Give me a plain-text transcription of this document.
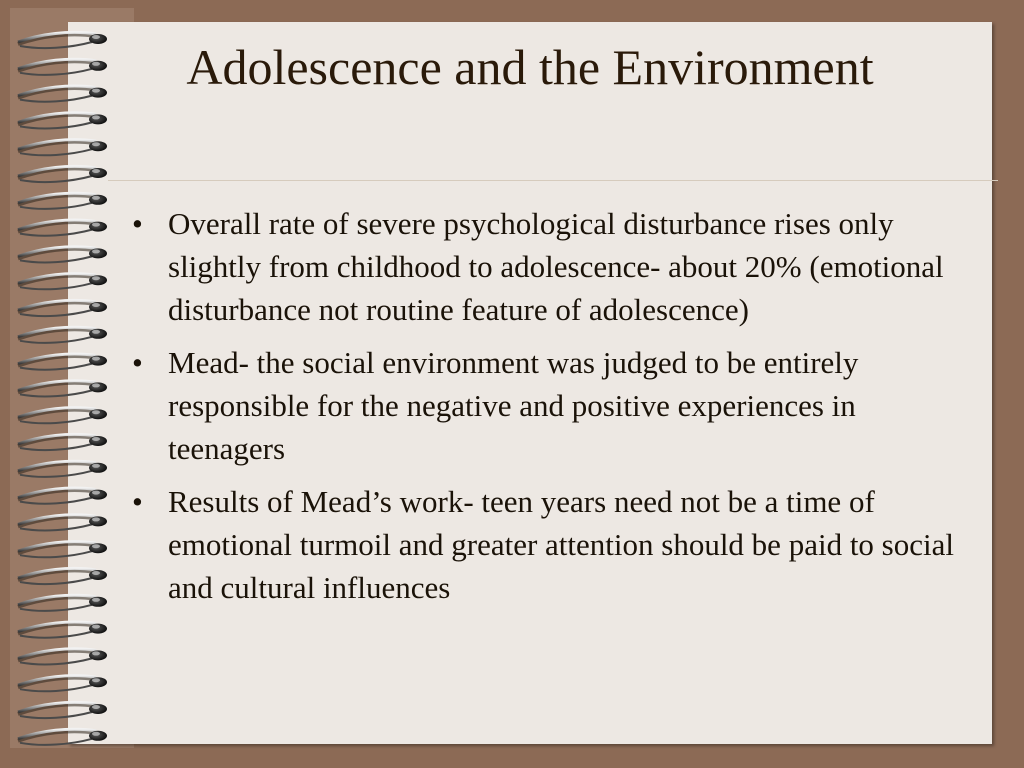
Adolescence and the Environment
• Overall rate of severe psychological disturbance rises only slightly from childhood to adolescence- about 20% (emotional disturbance not routine feature of adolescence)
• Mead- the social environment was judged to be entirely responsible for the negative and positive experiences in teenagers
• Results of Mead’s work- teen years need not be a time of emotional turmoil and greater attention should be paid to social and cultural influences
